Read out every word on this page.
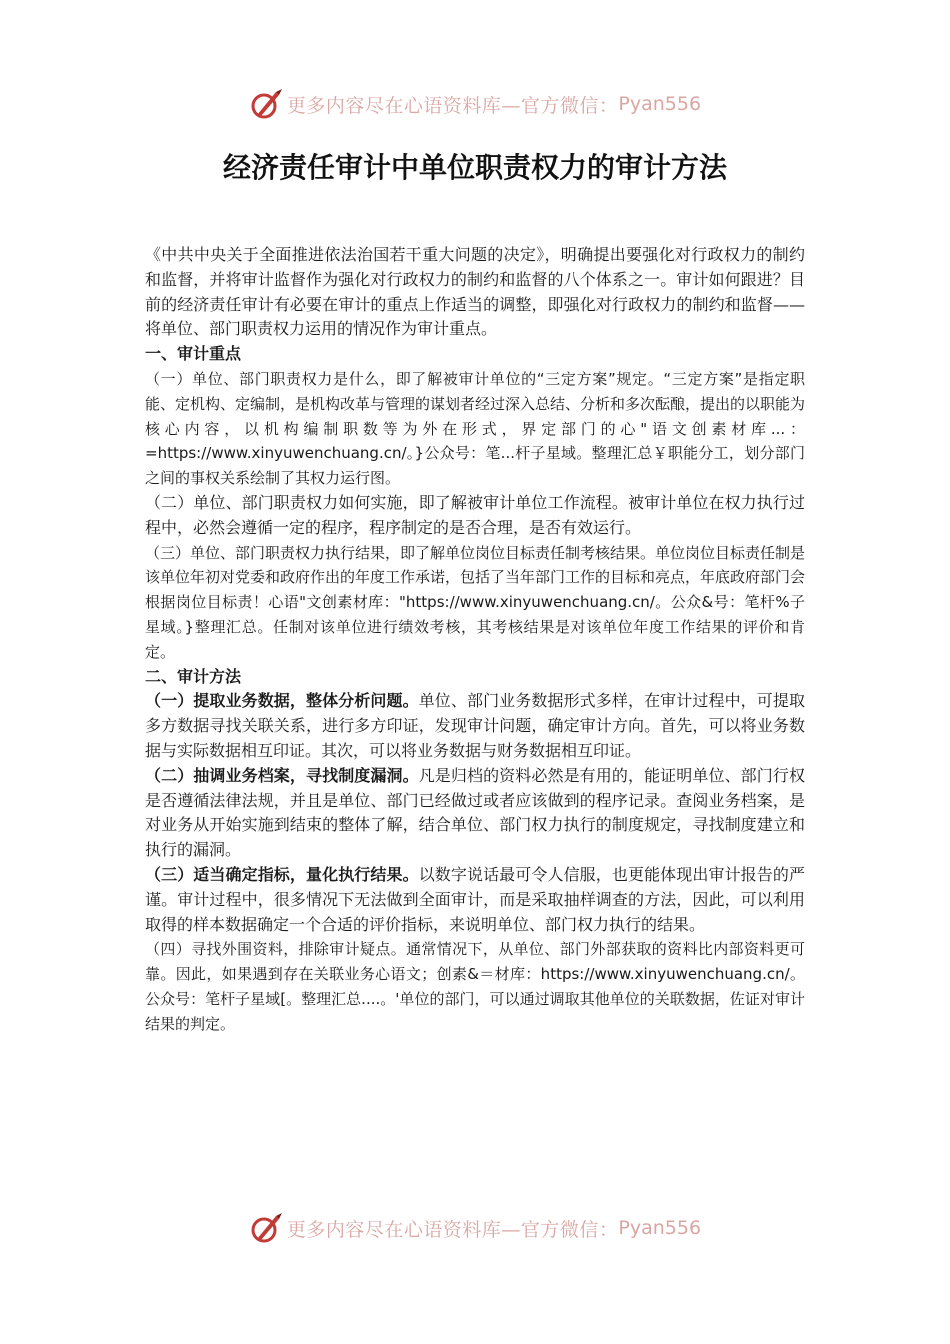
更多内容尽在心语资料库—官方微信： Pyan556
经济责任审计中单位职责权力的审计方法

《中共中央关于全面推进依法治国若干重大问题的决定》，明确提出要强化对行政权力的制约和监督，并将审计监督作为强化对行政权力的制约和监督的八个体系之一。审计如何跟进？目前的经济责任审计有必要在审计的重点上作适当的调整，即强化对行政权力的制约和监督——将单位、部门职责权力运用的情况作为审计重点。

一、审计重点

（一）单位、部门职责权力是什么，即了解被审计单位的“三定方案”规定。“三定方案”是指定职能、定机构、定编制，是机构改革与管理的谋划者经过深入总结、分析和多次酝酿，提出的以职能为核心内容，以机构编制职数等为外在形式，界定部门的心"语文创素材库...：=https://www.xinyuwenchuang.cn/。}公众号：笔...杆子星域。整理汇总￥职能分工，划分部门之间的事权关系绘制了其权力运行图。

（二）单位、部门职责权力如何实施，即了解被审计单位工作流程。被审计单位在权力执行过程中，必然会遵循一定的程序，程序制定的是否合理，是否有效运行。

（三）单位、部门职责权力执行结果，即了解单位岗位目标责任制考核结果。单位岗位目标责任制是该单位年初对党委和政府作出的年度工作承诺，包括了当年部门工作的目标和亮点，年底政府部门会根据岗位目标责！心语"文创素材库："https://www.xinyuwenchuang.cn/。公众&号：笔杆%子星域。}整理汇总。任制对该单位进行绩效考核，其考核结果是对该单位年度工作结果的评价和肯定。

二、审计方法

（一）提取业务数据，整体分析问题。单位、部门业务数据形式多样，在审计过程中，可提取多方数据寻找关联关系，进行多方印证，发现审计问题，确定审计方向。首先，可以将业务数据与实际数据相互印证。其次，可以将业务数据与财务数据相互印证。

（二）抽调业务档案，寻找制度漏洞。凡是归档的资料必然是有用的，能证明单位、部门行权是否遵循法律法规，并且是单位、部门已经做过或者应该做到的程序记录。查阅业务档案，是对业务从开始实施到结束的整体了解，结合单位、部门权力执行的制度规定，寻找制度建立和执行的漏洞。

（三）适当确定指标，量化执行结果。以数字说话最可令人信服，也更能体现出审计报告的严谨。审计过程中，很多情况下无法做到全面审计，而是采取抽样调查的方法，因此，可以利用取得的样本数据确定一个合适的评价指标，来说明单位、部门权力执行的结果。

（四）寻找外围资料，排除审计疑点。通常情况下，从单位、部门外部获取的资料比内部资料更可靠。因此，如果遇到存在关联业务心语文；创素&＝材库：https://www.xinyuwenchuang.cn/。公众号：笔杆子星域[。整理汇总....。'单位的部门，可以通过调取其他单位的关联数据，佐证对审计结果的判定。

更多内容尽在心语资料库—官方微信： Pyan556
